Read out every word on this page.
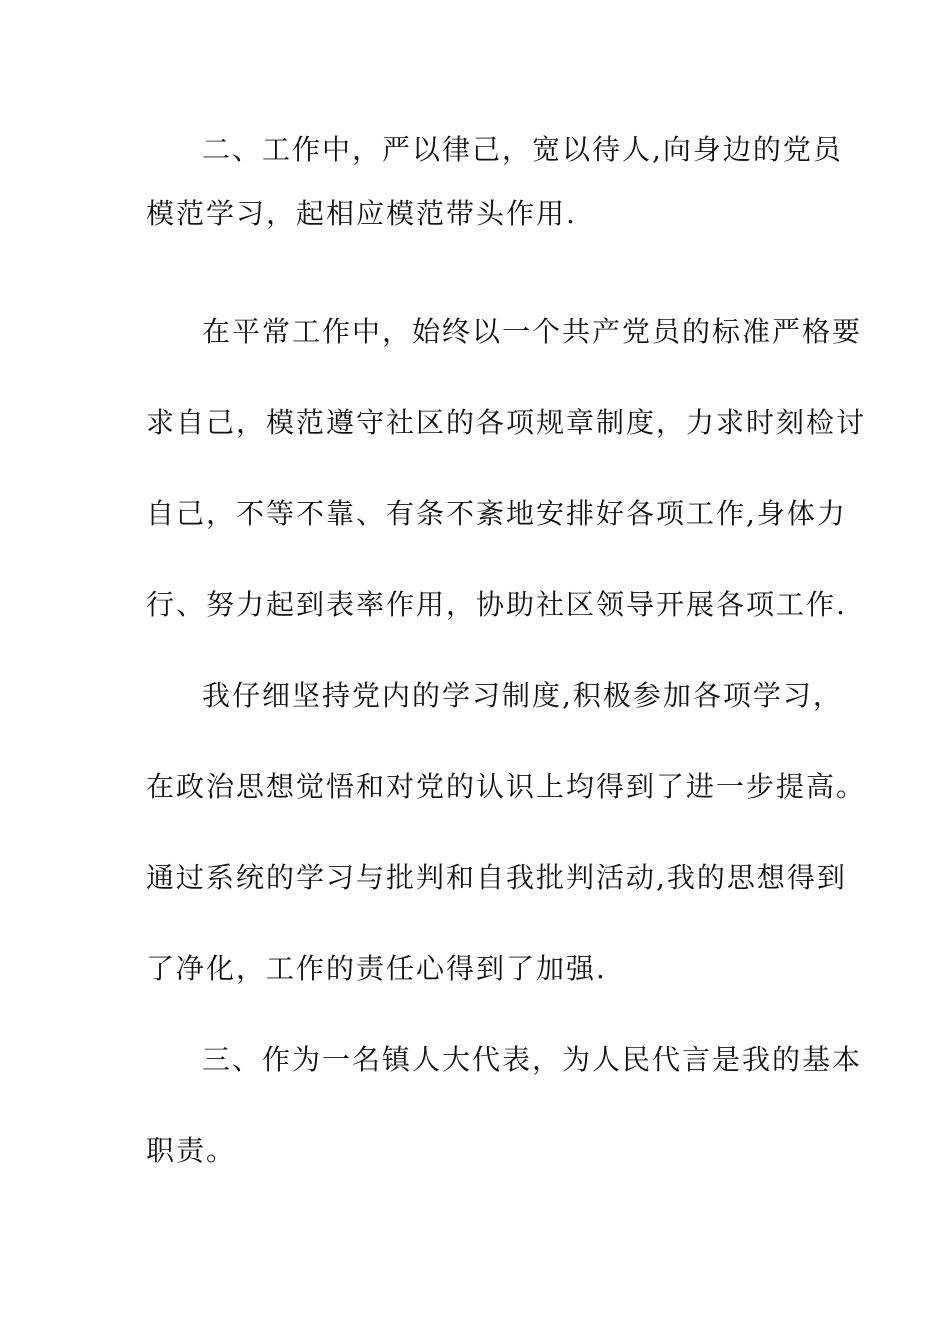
二、工作中，严以律己，宽以待人,向身边的党员
模范学习，起相应模范带头作用.
在平常工作中，始终以一个共产党员的标准严格要
求自己，模范遵守社区的各项规章制度，力求时刻检讨
自己，不等不靠、有条不紊地安排好各项工作,身体力
行、努力起到表率作用，协助社区领导开展各项工作.
我仔细坚持党内的学习制度,积极参加各项学习，
在政治思想觉悟和对党的认识上均得到了进一步提高。
通过系统的学习与批判和自我批判活动,我的思想得到
了净化，工作的责任心得到了加强.
三、作为一名镇人大代表，为人民代言是我的基本
职责。
